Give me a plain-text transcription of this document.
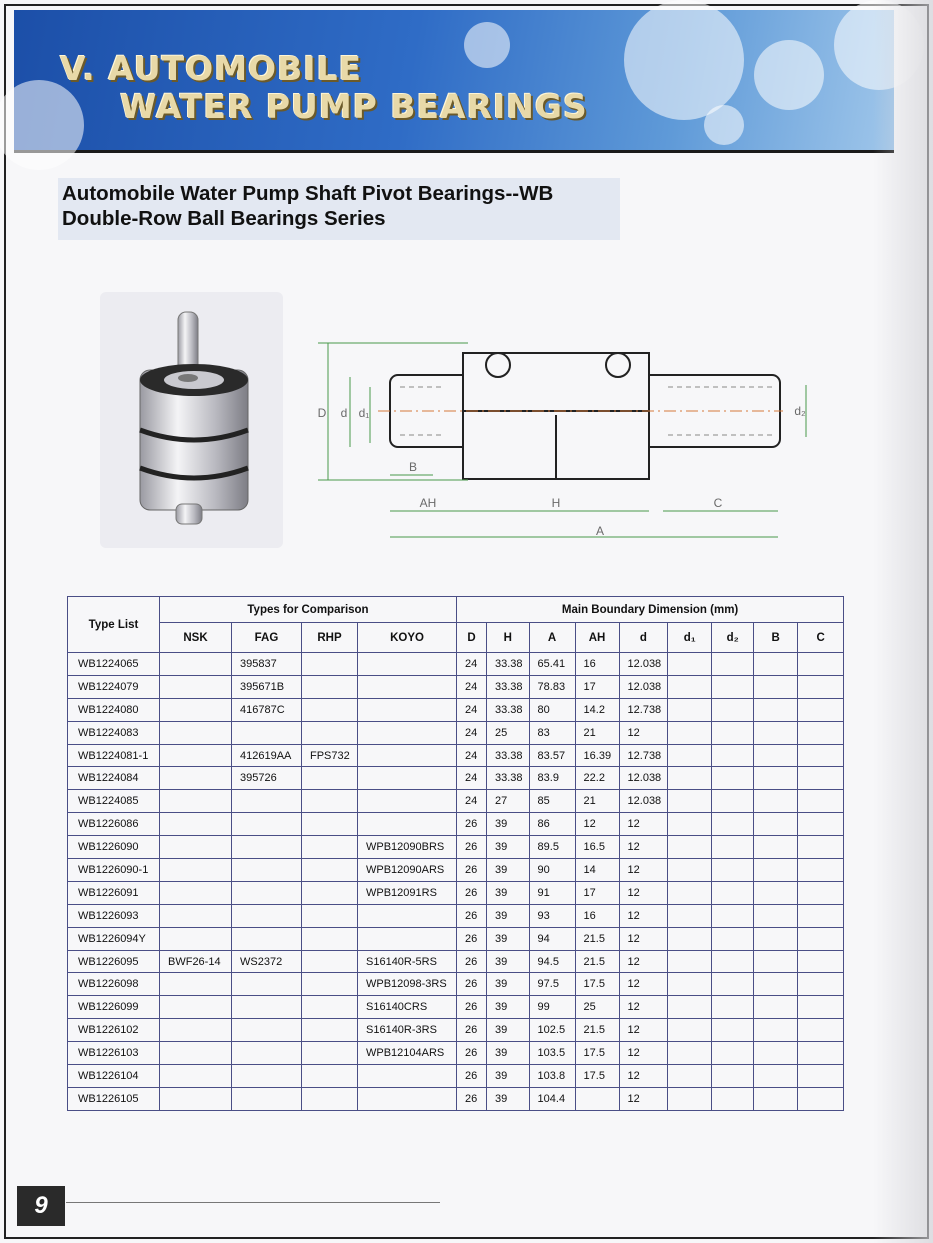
V. AUTOMOBILE
WATER PUMP BEARINGS
Automobile Water Pump Shaft Pivot Bearings--WB
Double-Row Ball Bearings Series
D d d₁	d₂
B
AH	H	C
A
Type List	Types for Comparison				Main Boundary Dimension (mm)								
	NSK	FAG	RHP	KOYO	D	H	A	AH	d	d₁	d₂	B	C
WB1224065		395837			24	33.38	65.41	16	12.038				
WB1224079		395671B			24	33.38	78.83	17	12.038				
WB1224080		416787C			24	33.38	80	14.2	12.738				
WB1224083					24	25	83	21	12				
WB1224081-1		412619AA	FPS732		24	33.38	83.57	16.39	12.738				
WB1224084		395726			24	33.38	83.9	22.2	12.038				
WB1224085					24	27	85	21	12.038				
WB1226086					26	39	86	12	12				
WB1226090				WPB12090BRS	26	39	89.5	16.5	12				
WB1226090-1				WPB12090ARS	26	39	90	14	12				
WB1226091				WPB12091RS	26	39	91	17	12				
WB1226093					26	39	93	16	12				
WB1226094Y					26	39	94	21.5	12				
WB1226095	BWF26-14	WS2372		S16140R-5RS	26	39	94.5	21.5	12				
WB1226098				WPB12098-3RS	26	39	97.5	17.5	12				
WB1226099				S16140CRS	26	39	99	25	12				
WB1226102				S16140R-3RS	26	39	102.5	21.5	12				
WB1226103				WPB12104ARS	26	39	103.5	17.5	12				
WB1226104					26	39	103.8	17.5	12				
WB1226105					26	39	104.4		12				
9
